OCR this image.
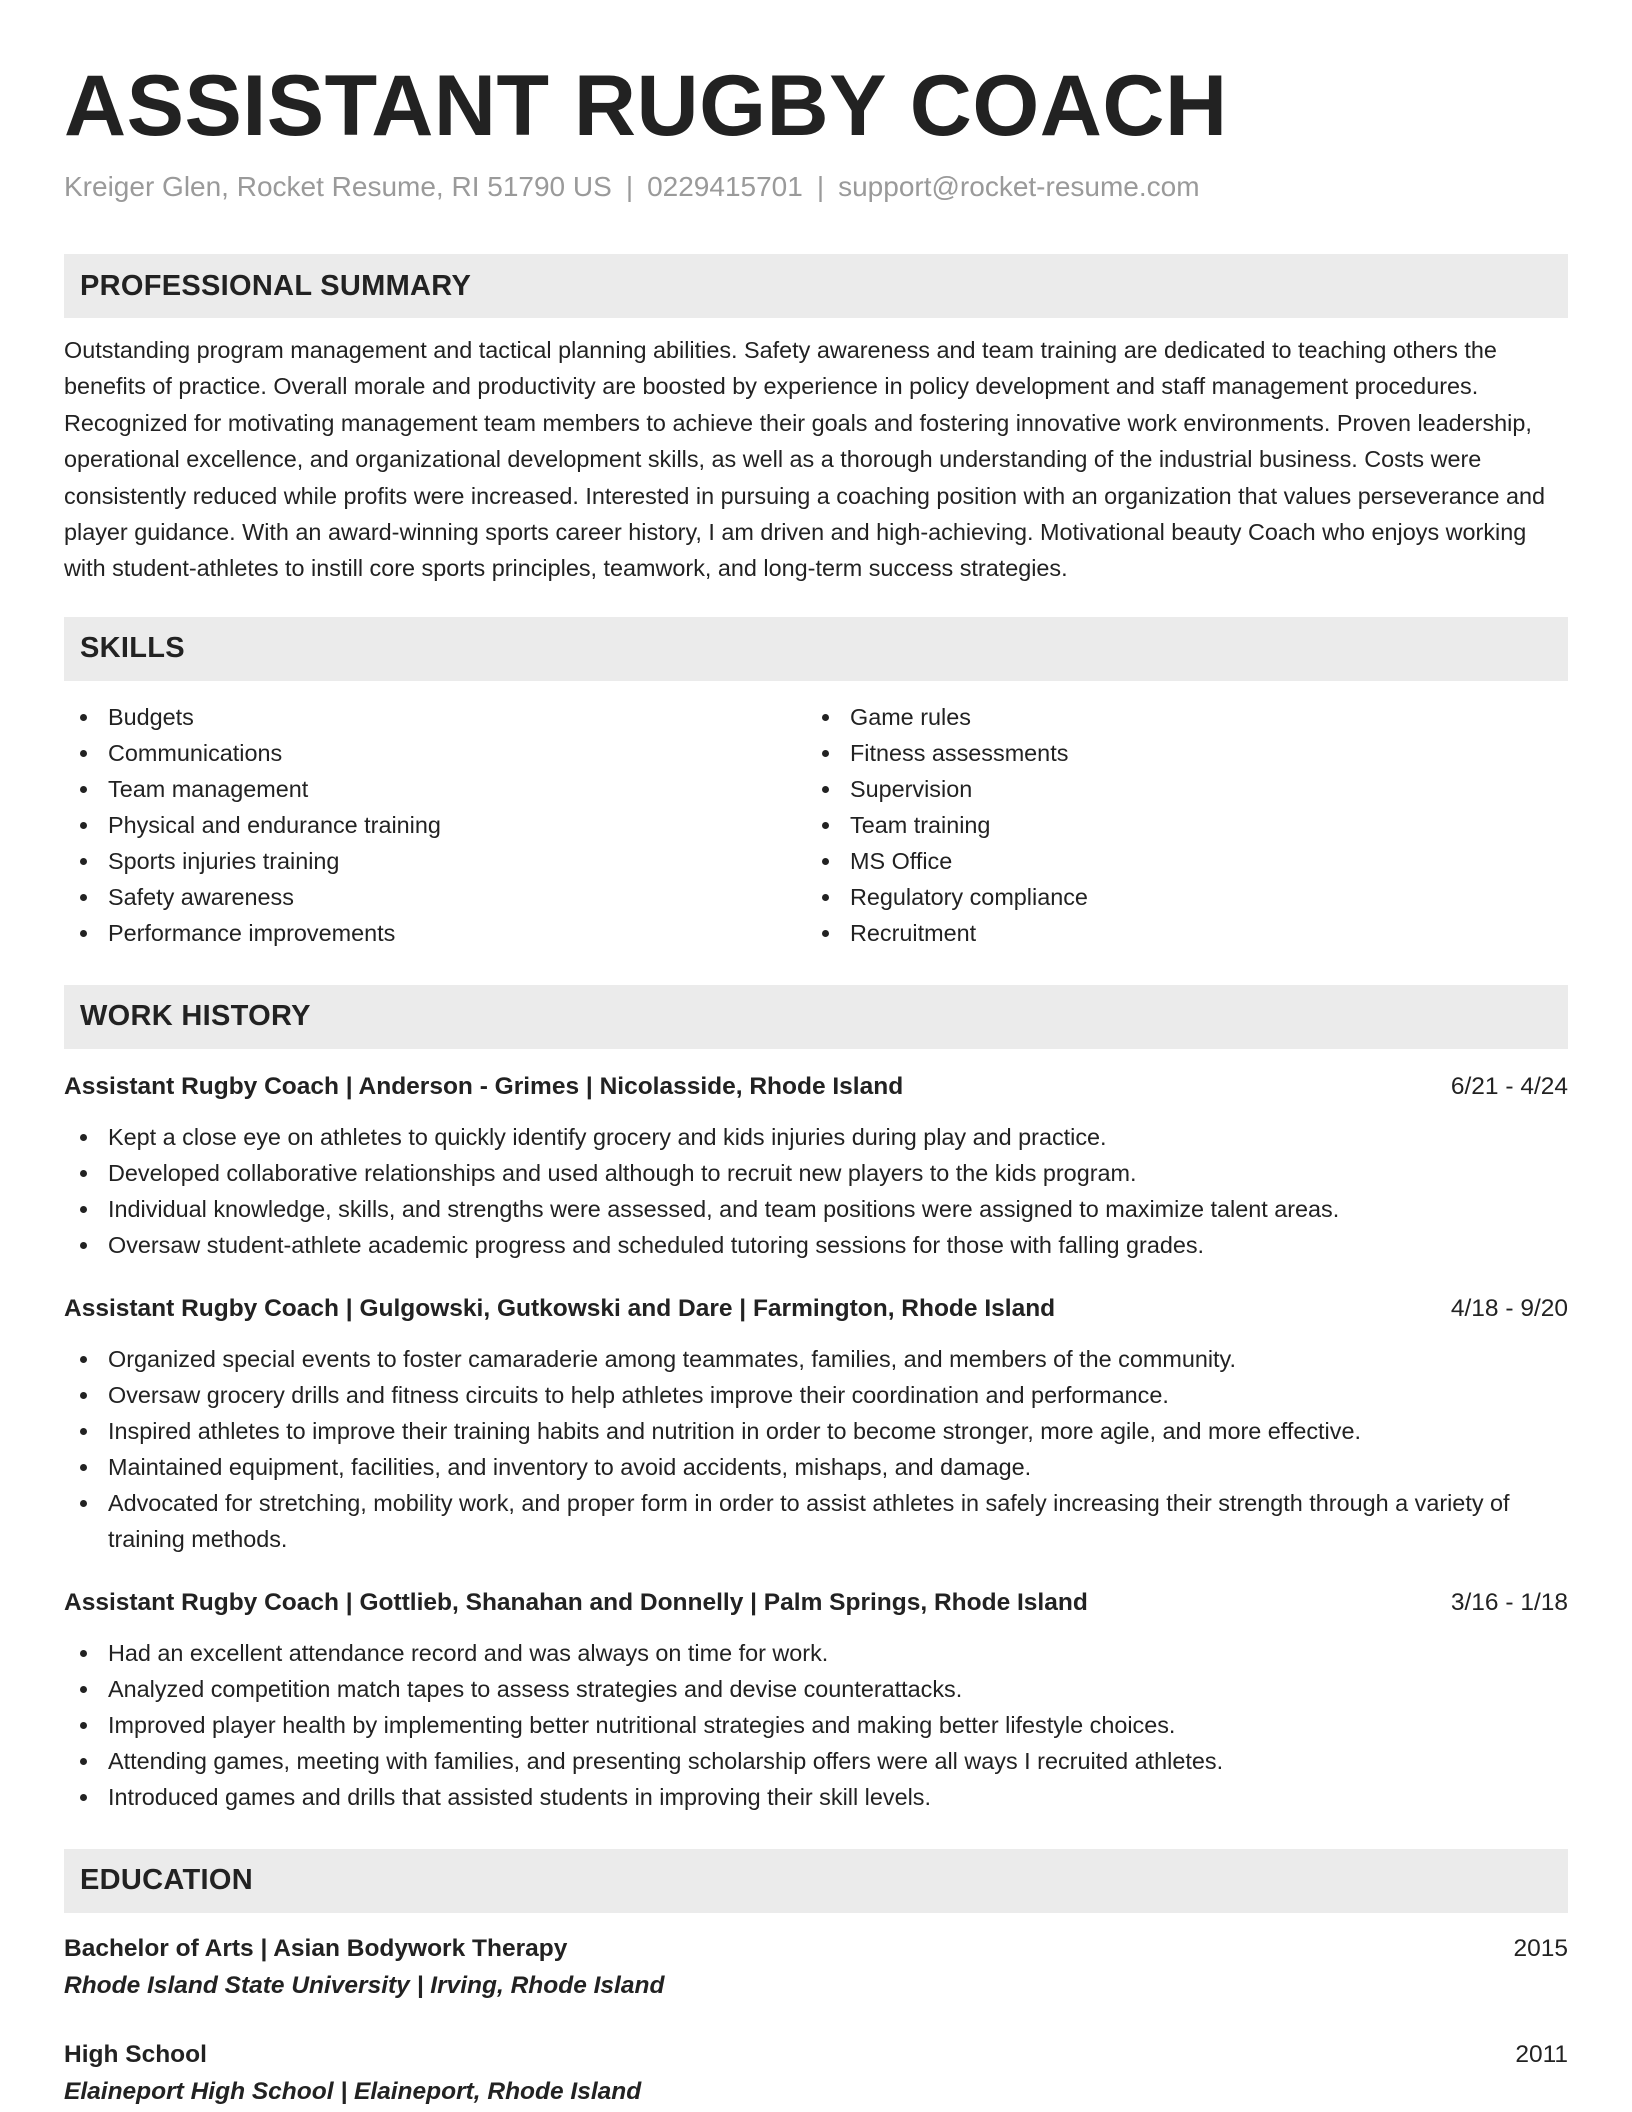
ASSISTANT RUGBY COACH
Kreiger Glen, Rocket Resume, RI 51790 US | 0229415701 | support@rocket-resume.com
PROFESSIONAL SUMMARY
Outstanding program management and tactical planning abilities. Safety awareness and team training are dedicated to teaching others the benefits of practice. Overall morale and productivity are boosted by experience in policy development and staff management procedures. Recognized for motivating management team members to achieve their goals and fostering innovative work environments. Proven leadership, operational excellence, and organizational development skills, as well as a thorough understanding of the industrial business. Costs were consistently reduced while profits were increased. Interested in pursuing a coaching position with an organization that values perseverance and player guidance. With an award-winning sports career history, I am driven and high-achieving. Motivational beauty Coach who enjoys working with student-athletes to instill core sports principles, teamwork, and long-term success strategies.
SKILLS
Budgets
Communications
Team management
Physical and endurance training
Sports injuries training
Safety awareness
Performance improvements
Game rules
Fitness assessments
Supervision
Team training
MS Office
Regulatory compliance
Recruitment
WORK HISTORY
Assistant Rugby Coach | Anderson - Grimes | Nicolasside, Rhode Island	6/21 - 4/24
Kept a close eye on athletes to quickly identify grocery and kids injuries during play and practice.
Developed collaborative relationships and used although to recruit new players to the kids program.
Individual knowledge, skills, and strengths were assessed, and team positions were assigned to maximize talent areas.
Oversaw student-athlete academic progress and scheduled tutoring sessions for those with falling grades.
Assistant Rugby Coach | Gulgowski, Gutkowski and Dare | Farmington, Rhode Island	4/18 - 9/20
Organized special events to foster camaraderie among teammates, families, and members of the community.
Oversaw grocery drills and fitness circuits to help athletes improve their coordination and performance.
Inspired athletes to improve their training habits and nutrition in order to become stronger, more agile, and more effective.
Maintained equipment, facilities, and inventory to avoid accidents, mishaps, and damage.
Advocated for stretching, mobility work, and proper form in order to assist athletes in safely increasing their strength through a variety of training methods.
Assistant Rugby Coach | Gottlieb, Shanahan and Donnelly | Palm Springs, Rhode Island	3/16 - 1/18
Had an excellent attendance record and was always on time for work.
Analyzed competition match tapes to assess strategies and devise counterattacks.
Improved player health by implementing better nutritional strategies and making better lifestyle choices.
Attending games, meeting with families, and presenting scholarship offers were all ways I recruited athletes.
Introduced games and drills that assisted students in improving their skill levels.
EDUCATION
Bachelor of Arts | Asian Bodywork Therapy	2015
Rhode Island State University | Irving, Rhode Island
High School	2011
Elaineport High School | Elaineport, Rhode Island
